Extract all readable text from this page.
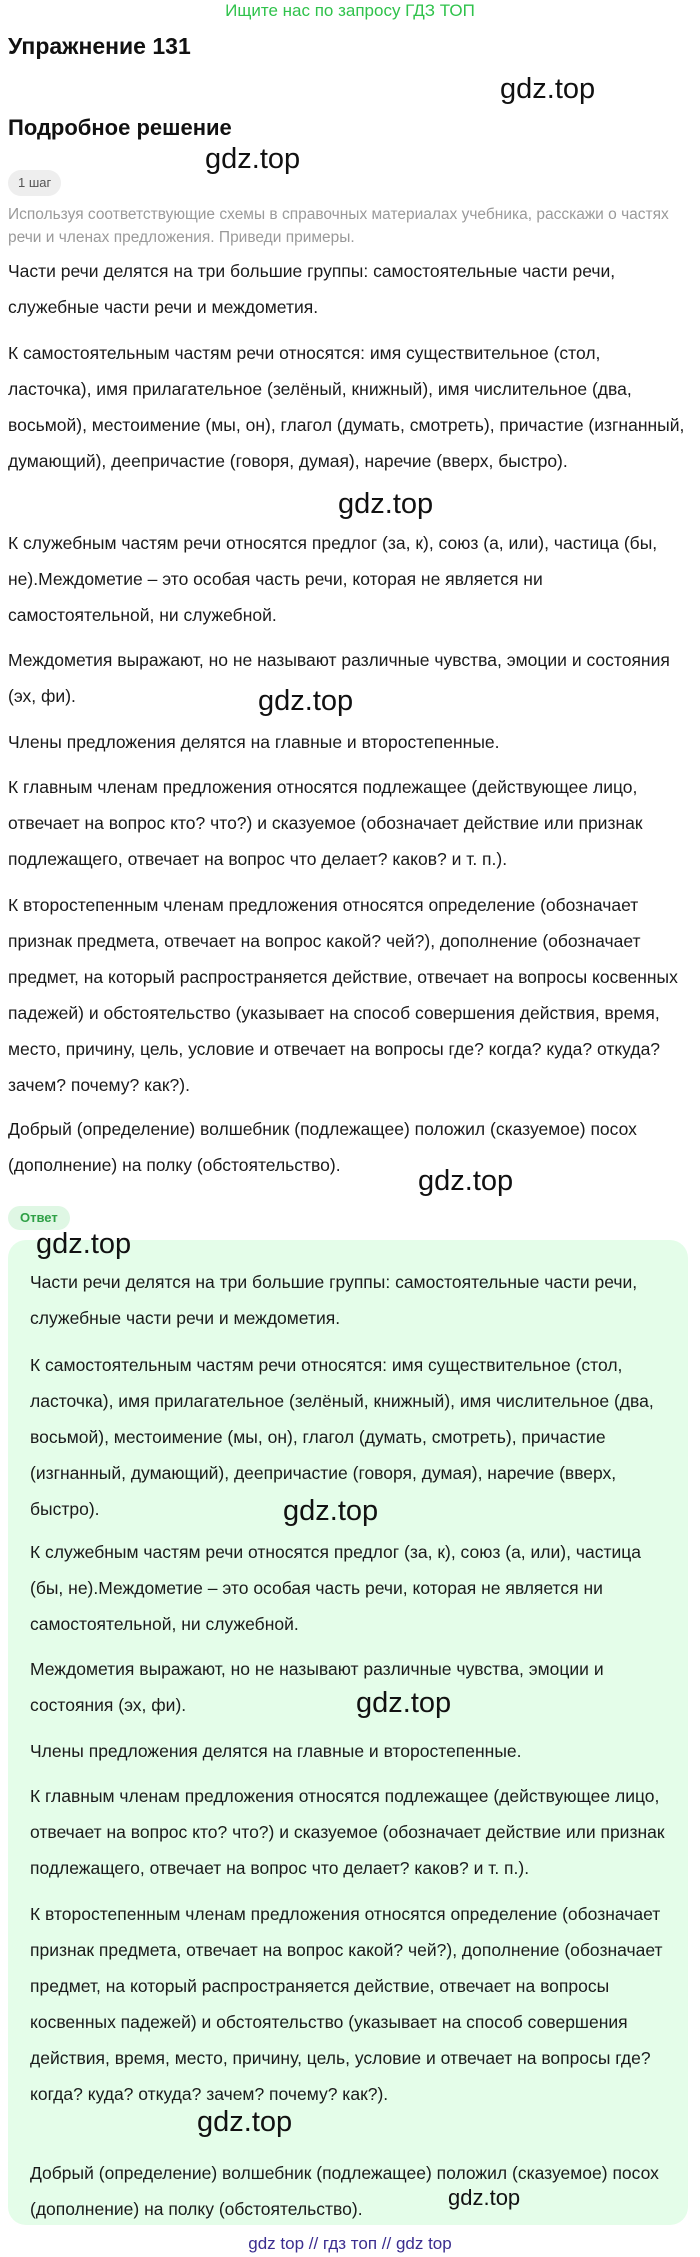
Ищите нас по запросу ГДЗ ТОП
Упражнение 131
gdz.top
Подробное решение
gdz.top
1 шаг
Используя соответствующие схемы в справочных материалах учебника, расскажи о частях речи и членах предложения. Приведи примеры.
Части речи делятся на три большие группы: самостоятельные части речи, служебные части речи и междометия.
К самостоятельным частям речи относятся: имя существительное (стол, ласточка), имя прилагательное (зелёный, книжный), имя числительное (два, восьмой), местоимение (мы, он), глагол (думать, смотреть), причастие (изгнанный, думающий), деепричастие (говоря, думая), наречие (вверх, быстро).
gdz.top
К служебным частям речи относятся предлог (за, к), союз (а, или), частица (бы, не).Междометие – это особая часть речи, которая не является ни самостоятельной, ни служебной.
Междометия выражают, но не называют различные чувства, эмоции и состояния (эх, фи).	gdz.top
Члены предложения делятся на главные и второстепенные.
К главным членам предложения относятся подлежащее (действующее лицо, отвечает на вопрос кто? что?) и сказуемое (обозначает действие или признак подлежащего, отвечает на вопрос что делает? каков? и т. п.).
К второстепенным членам предложения относятся определение (обозначает признак предмета, отвечает на вопрос какой? чей?), дополнение (обозначает предмет, на который распространяется действие, отвечает на вопросы косвенных падежей) и обстоятельство (указывает на способ совершения действия, время, место, причину, цель, условие и отвечает на вопросы где? когда? куда? откуда? зачем? почему? как?).
Добрый (определение) волшебник (подлежащее) положил (сказуемое) посох (дополнение) на полку (обстоятельство).	gdz.top
Ответ
gdz.top
Части речи делятся на три большие группы: самостоятельные части речи, служебные части речи и междометия.
К самостоятельным частям речи относятся: имя существительное (стол, ласточка), имя прилагательное (зелёный, книжный), имя числительное (два, восьмой), местоимение (мы, он), глагол (думать, смотреть), причастие (изгнанный, думающий), деепричастие (говоря, думая), наречие (вверх, быстро).	gdz.top
К служебным частям речи относятся предлог (за, к), союз (а, или), частица (бы, не).Междометие – это особая часть речи, которая не является ни самостоятельной, ни служебной.
Междометия выражают, но не называют различные чувства, эмоции и состояния (эх, фи).	gdz.top
Члены предложения делятся на главные и второстепенные.
К главным членам предложения относятся подлежащее (действующее лицо, отвечает на вопрос кто? что?) и сказуемое (обозначает действие или признак подлежащего, отвечает на вопрос что делает? каков? и т. п.).
К второстепенным членам предложения относятся определение (обозначает признак предмета, отвечает на вопрос какой? чей?), дополнение (обозначает предмет, на который распространяется действие, отвечает на вопросы косвенных падежей) и обстоятельство (указывает на способ совершения действия, время, место, причину, цель, условие и отвечает на вопросы где? когда? куда? откуда? зачем? почему? как?).
gdz.top
Добрый (определение) волшебник (подлежащее) положил (сказуемое) посох (дополнение) на полку (обстоятельство).	gdz.top
gdz top // гдз топ // gdz top
